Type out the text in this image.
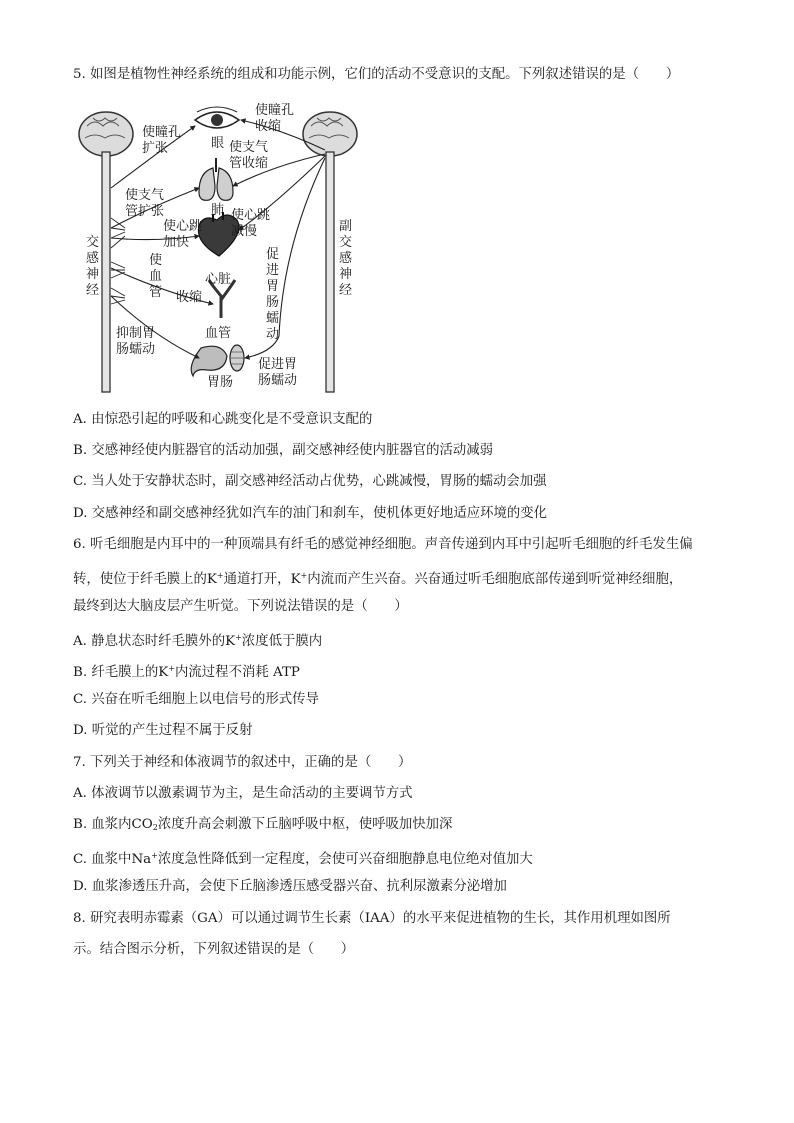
5. 如图是植物性神经系统的组成和功能示例，它们的活动不受意识的支配。下列叙述错误的是（　　）
交
感
神
经
副
交
感
神
经
眼
肺
心脏
血管
胃肠
使瞳孔
扩张
使支气
管扩张
使心跳
加快
使
血
管 收缩
抑制胃
肠蠕动
使瞳孔
收缩
使支气
管收缩
使心跳
减慢
促
进
胃
肠
蠕
动
促进胃
肠蠕动
A. 由惊恐引起的呼吸和心跳变化是不受意识支配的
B. 交感神经使内脏器官的活动加强，副交感神经使内脏器官的活动减弱
C. 当人处于安静状态时，副交感神经活动占优势，心跳减慢，胃肠的蠕动会加强
D. 交感神经和副交感神经犹如汽车的油门和刹车，使机体更好地适应环境的变化
6. 听毛细胞是内耳中的一种顶端具有纤毛的感觉神经细胞。声音传递到内耳中引起听毛细胞的纤毛发生偏
转，使位于纤毛膜上的K+通道打开，K+内流而产生兴奋。兴奋通过听毛细胞底部传递到听觉神经细胞，
最终到达大脑皮层产生听觉。下列说法错误的是（　　）
A. 静息状态时纤毛膜外的K+浓度低于膜内
B. 纤毛膜上的K+内流过程不消耗 ATP
C. 兴奋在听毛细胞上以电信号的形式传导
D. 听觉的产生过程不属于反射
7. 下列关于神经和体液调节的叙述中，正确的是（　　）
A. 体液调节以激素调节为主，是生命活动的主要调节方式
B. 血浆内$CO_2$浓度升高会刺激下丘脑呼吸中枢，使呼吸加快加深
C. 血浆中Na+浓度急性降低到一定程度，会使可兴奋细胞静息电位绝对值加大
D. 血浆渗透压升高，会使下丘脑渗透压感受器兴奋、抗利尿激素分泌增加
8. 研究表明赤霉素（GA）可以通过调节生长素（IAA）的水平来促进植物的生长，其作用机理如图所
示。结合图示分析，下列叙述错误的是（　　）
